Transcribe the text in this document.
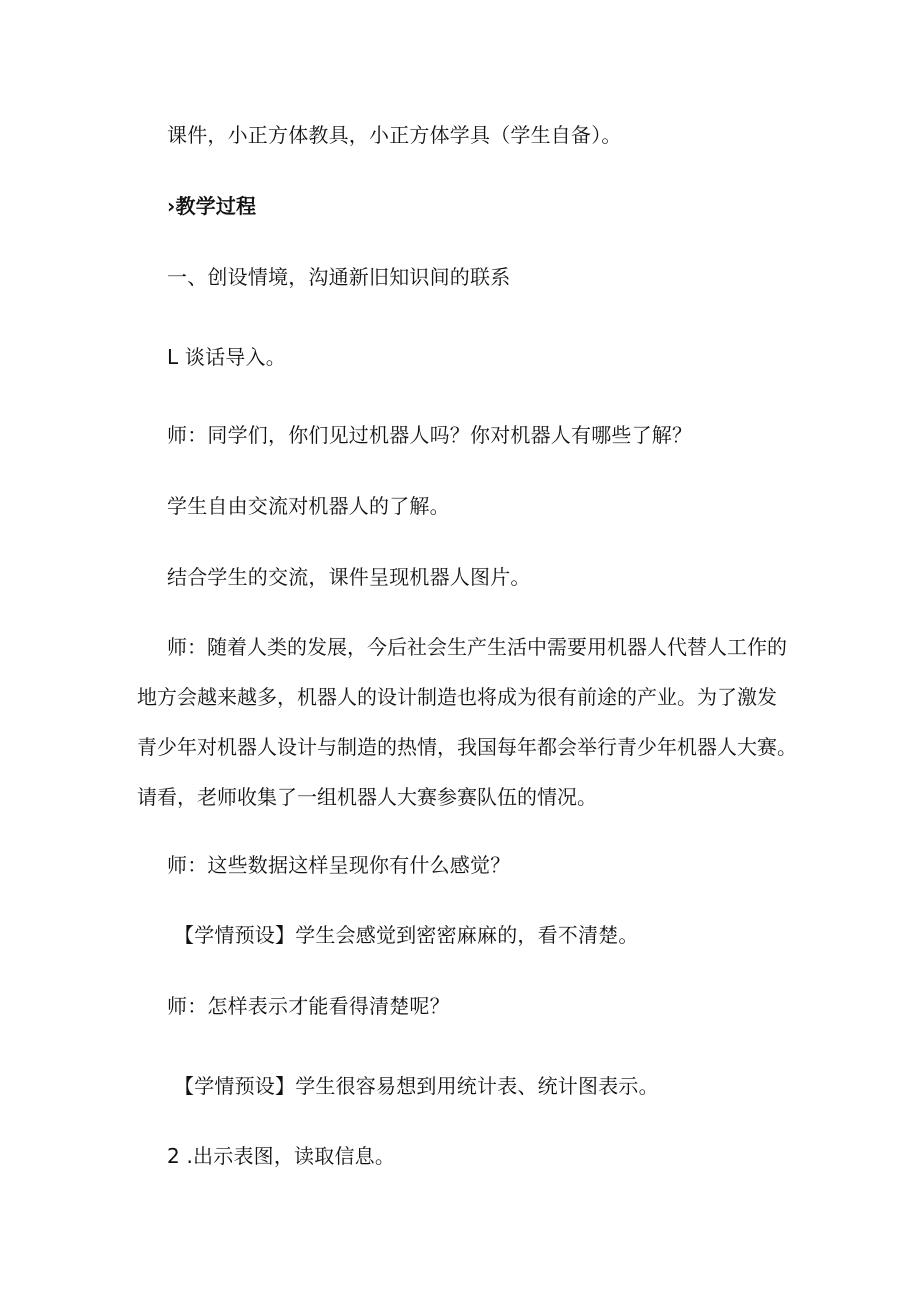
课件，小正方体教具，小正方体学具（学生自备）。
›教学过程
一、创设情境，沟通新旧知识间的联系
L 谈话导入。
师：同学们，你们见过机器人吗？你对机器人有哪些了解？
学生自由交流对机器人的了解。
结合学生的交流，课件呈现机器人图片。
师：随着人类的发展，今后社会生产生活中需要用机器人代替人工作的
地方会越来越多，机器人的设计制造也将成为很有前途的产业。为了激发
青少年对机器人设计与制造的热情，我国每年都会举行青少年机器人大赛。
请看，老师收集了一组机器人大赛参赛队伍的情况。
师：这些数据这样呈现你有什么感觉？
【学情预设】学生会感觉到密密麻麻的，看不清楚。
师：怎样表示才能看得清楚呢？
【学情预设】学生很容易想到用统计表、统计图表示。
2 .出示表图，读取信息。
